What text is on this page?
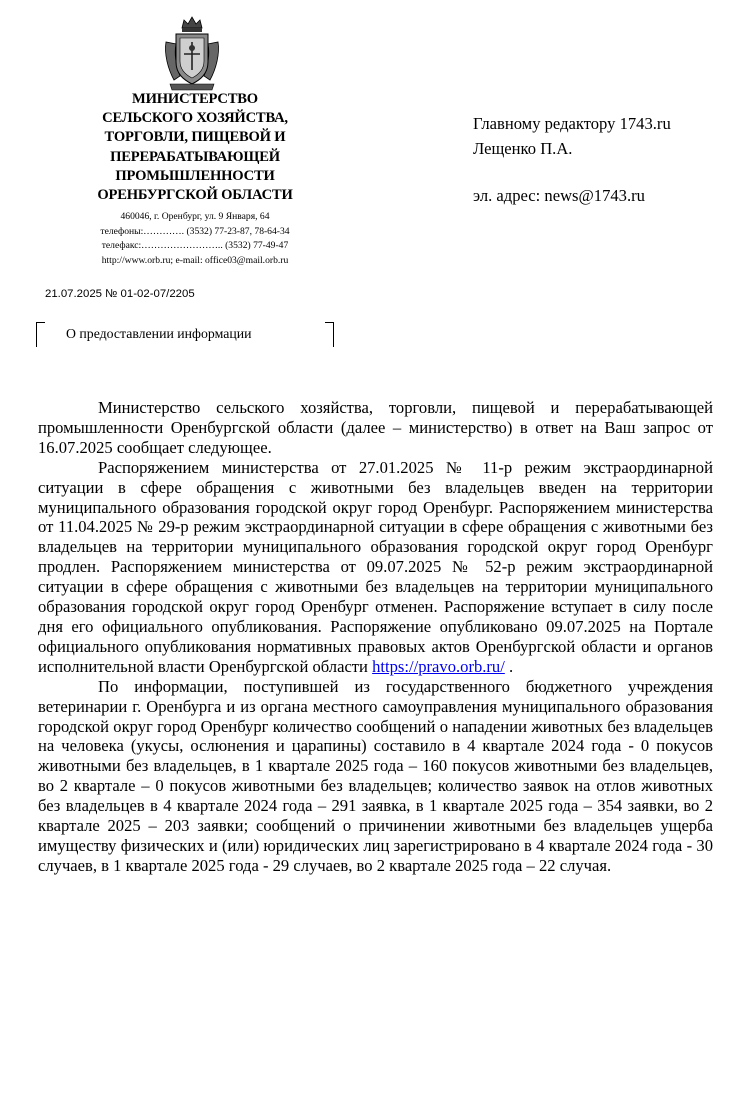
МИНИСТЕРСТВО
СЕЛЬСКОГО ХОЗЯЙСТВА,
ТОРГОВЛИ, ПИЩЕВОЙ И
ПЕРЕРАБАТЫВАЮЩЕЙ
ПРОМЫШЛЕННОСТИ
ОРЕНБУРГСКОЙ ОБЛАСТИ
460046, г. Оренбург, ул. 9 Января, 64
телефоны:…………. (3532) 77-23-87, 78-64-34
телефакс:…………………….. (3532) 77-49-47
http://www.orb.ru; e-mail: office03@mail.orb.ru
21.07.2025 № 01-02-07/2205
О предоставлении информации
Главному редактору 1743.ru
Лещенко П.А.
эл. адрес: news@1743.ru

Министерство сельского хозяйства, торговли, пищевой и перерабатывающей промышленности Оренбургской области (далее – министерство) в ответ на Ваш запрос от 16.07.2025 сообщает следующее.

Распоряжением министерства от 27.01.2025 № 11-р режим экстраординарной ситуации в сфере обращения с животными без владельцев введен на территории муниципального образования городской округ город Оренбург. Распоряжением министерства от 11.04.2025 № 29-р режим экстраординарной ситуации в сфере обращения с животными без владельцев на территории муниципального образования городской округ город Оренбург продлен. Распоряжением министерства от 09.07.2025 № 52-р режим экстраординарной ситуации в сфере обращения с животными без владельцев на территории муниципального образования городской округ город Оренбург отменен. Распоряжение вступает в силу после дня его официального опубликования. Распоряжение опубликовано 09.07.2025 на Портале официального опубликования нормативных правовых актов Оренбургской области и органов исполнительной власти Оренбургской области https://pravo.orb.ru/ .

По информации, поступившей из государственного бюджетного учреждения ветеринарии г. Оренбурга и из органа местного самоуправления муниципального образования городской округ город Оренбург количество сообщений о нападении животных без владельцев на человека (укусы, ослюнения и царапины) составило в 4 квартале 2024 года - 0 покусов животными без владельцев, в 1 квартале 2025 года – 160 покусов животными без владельцев, во 2 квартале – 0 покусов животными без владельцев; количество заявок на отлов животных без владельцев в 4 квартале 2024 года – 291 заявка, в 1 квартале 2025 года – 354 заявки, во 2 квартале 2025 – 203 заявки; сообщений о причинении животными без владельцев ущерба имуществу физических и (или) юридических лиц зарегистрировано в 4 квартале 2024 года - 30 случаев, в 1 квартале 2025 года - 29 случаев, во 2 квартале 2025 года – 22 случая.
